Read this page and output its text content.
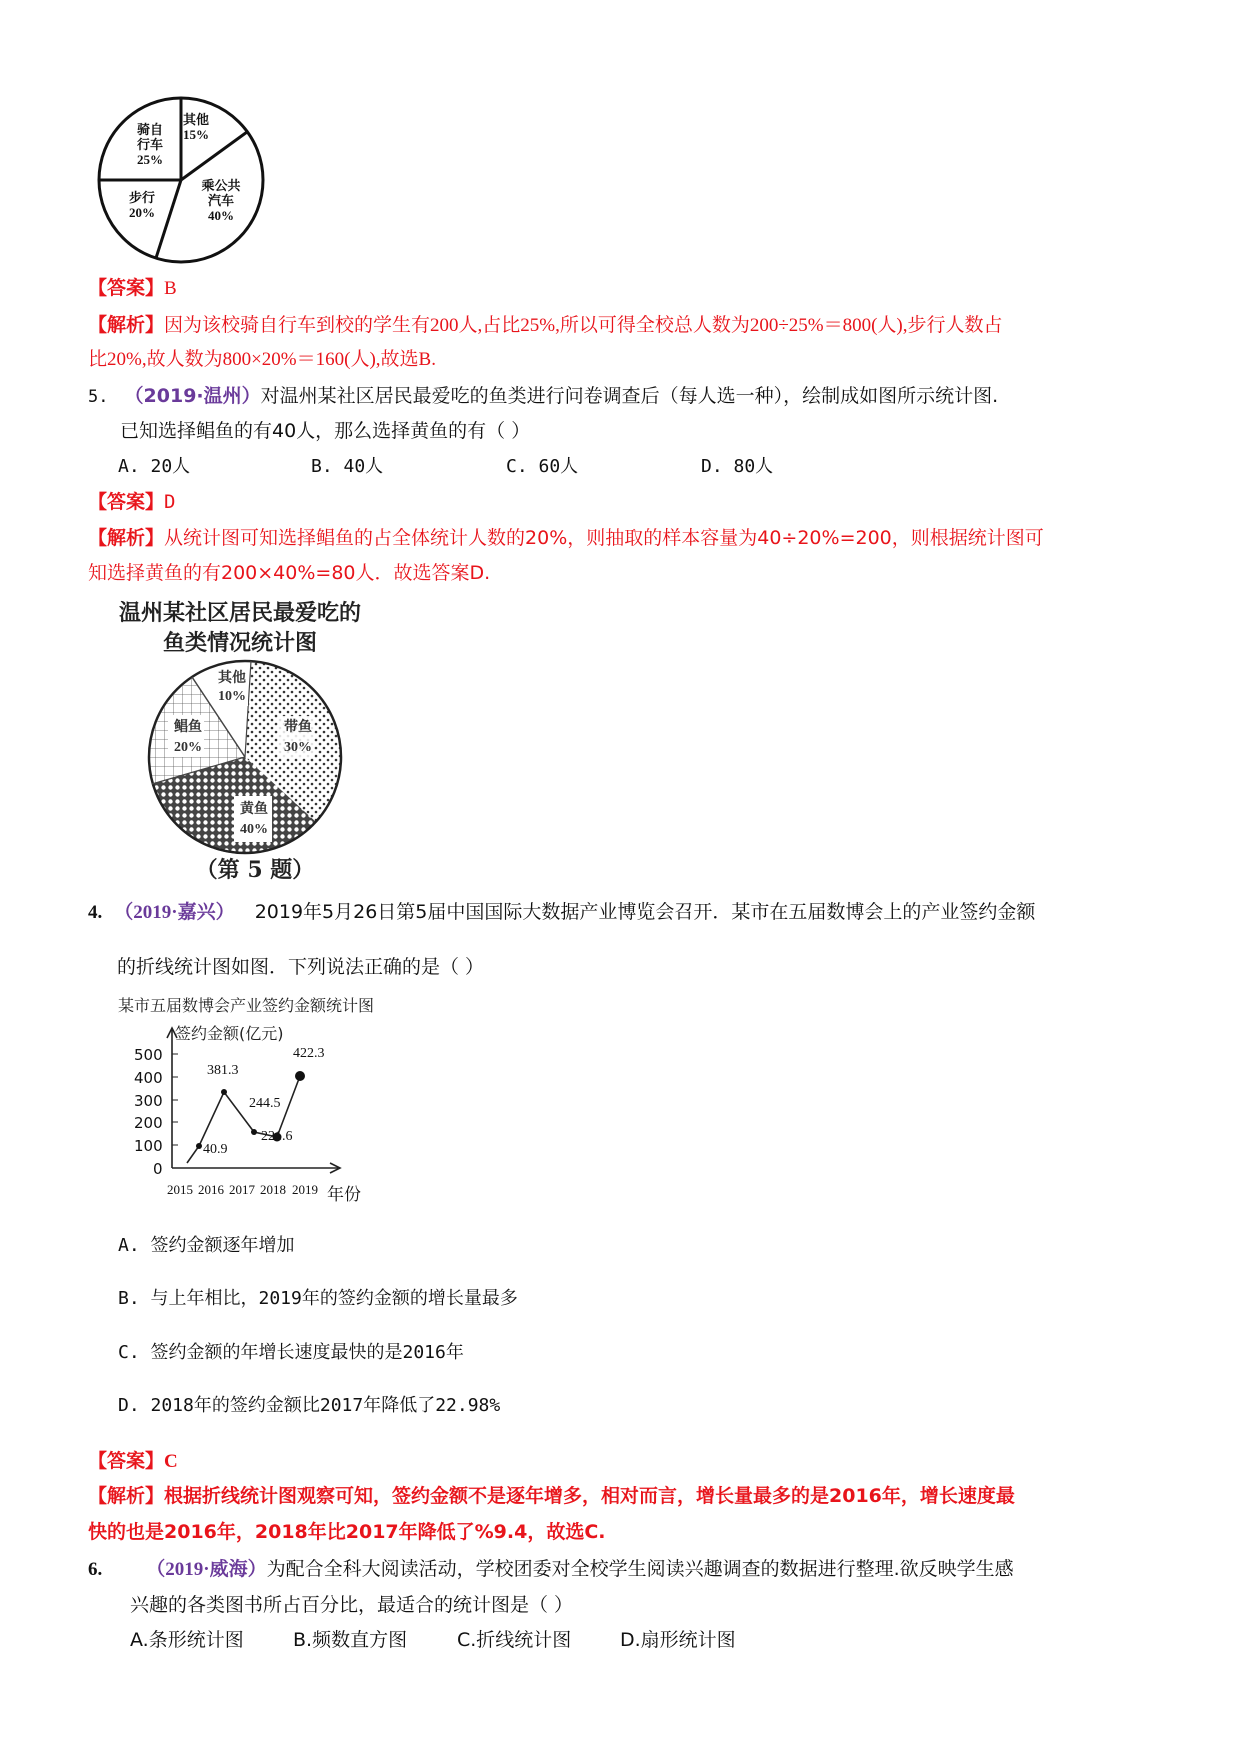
骑自
行车
25%
其他
15%
乘公共
汽车
40%
步行
20%
【答案】B
【解析】因为该校骑自行车到校的学生有200人,占比25%,所以可得全校总人数为200÷25%＝800(人),步行人数占
比20%,故人数为800×20%＝160(人),故选B.
5. （2019·温州）对温州某社区居民最爱吃的鱼类进行问卷调查后（每人选一种），绘制成如图所示统计图.
已知选择鲳鱼的有40人，那么选择黄鱼的有（ ）
A. 20人	B. 40人	C. 60人	D. 80人
【答案】D
【解析】从统计图可知选择鲳鱼的占全体统计人数的20%，则抽取的样本容量为40÷20%=200，则根据统计图可
知选择黄鱼的有200×40%=80人．故选答案D.
温州某社区居民最爱吃的
鱼类情况统计图
其他
10%
带鱼
30%
黄鱼
40%
鲳鱼
20%
（第 5 题）
4. （2019·嘉兴） 2019年5月26日第5届中国国际大数据产业博览会召开．某市在五届数博会上的产业签约金额
的折线统计图如图．下列说法正确的是（ ）
某市五届数博会产业签约金额统计图
签约金额(亿元)
500
400
300
200
100
0
2015 2016 2017 2018 2019 年份
40.9
381.3
244.5
221.6
422.3
A. 签约金额逐年增加
B. 与上年相比，2019年的签约金额的增长量最多
C. 签约金额的年增长速度最快的是2016年
D. 2018年的签约金额比2017年降低了22.98%
【答案】C
【解析】根据折线统计图观察可知，签约金额不是逐年增多，相对而言，增长量最多的是2016年，增长速度最
快的也是2016年，2018年比2017年降低了%9.4，故选C.
6. （2019·威海）为配合全科大阅读活动，学校团委对全校学生阅读兴趣调查的数据进行整理.欲反映学生感
兴趣的各类图书所占百分比，最适合的统计图是（ ）
A.条形统计图	B.频数直方图	C.折线统计图	D.扇形统计图
